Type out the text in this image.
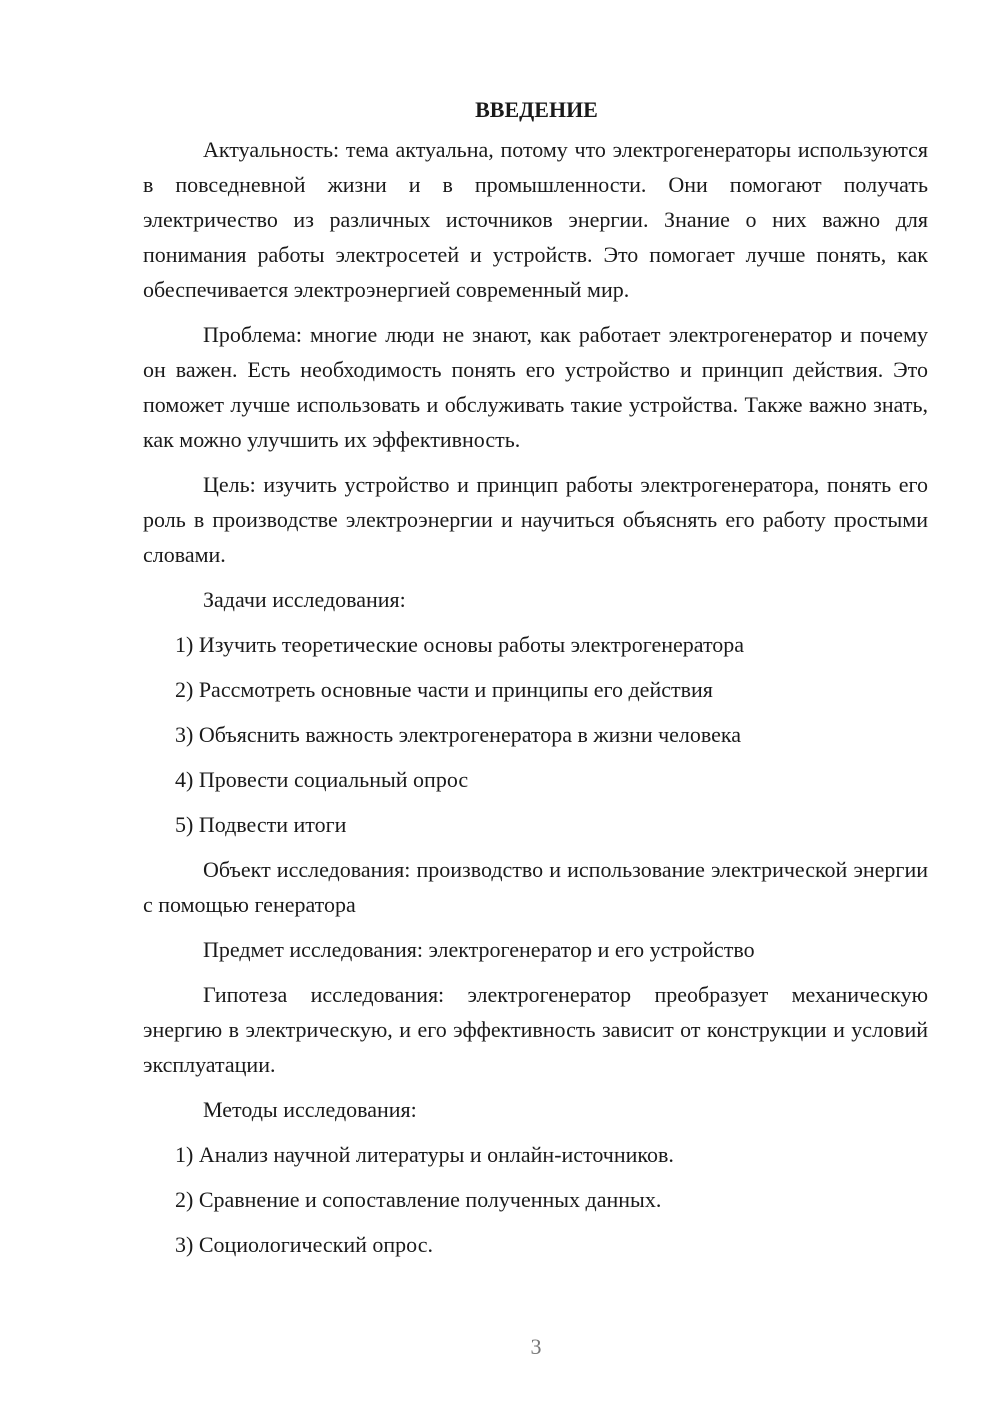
ВВЕДЕНИЕ

Актуальность: тема актуальна, потому что электрогенераторы используются в повседневной жизни и в промышленности. Они помогают получать электричество из различных источников энергии. Знание о них важно для понимания работы электросетей и устройств. Это помогает лучше понять, как обеспечивается электроэнергией современный мир.

Проблема: многие люди не знают, как работает электрогенератор и почему он важен. Есть необходимость понять его устройство и принцип действия. Это поможет лучше использовать и обслуживать такие устройства. Также важно знать, как можно улучшить их эффективность.

Цель: изучить устройство и принцип работы электрогенератора, понять его роль в производстве электроэнергии и научиться объяснять его работу простыми словами.

Задачи исследования:

1) Изучить теоретические основы работы электрогенератора

2) Рассмотреть основные части и принципы его действия

3) Объяснить важность электрогенератора в жизни человека

4) Провести социальный опрос

5) Подвести итоги

Объект исследования: производство и использование электрической энергии с помощью генератора

Предмет исследования: электрогенератор и его устройство

Гипотеза исследования: электрогенератор преобразует механическую энергию в электрическую, и его эффективность зависит от конструкции и условий эксплуатации.

Методы исследования:

1) Анализ научной литературы и онлайн-источников.

2) Сравнение и сопоставление полученных данных.

3) Социологический опрос.

3
